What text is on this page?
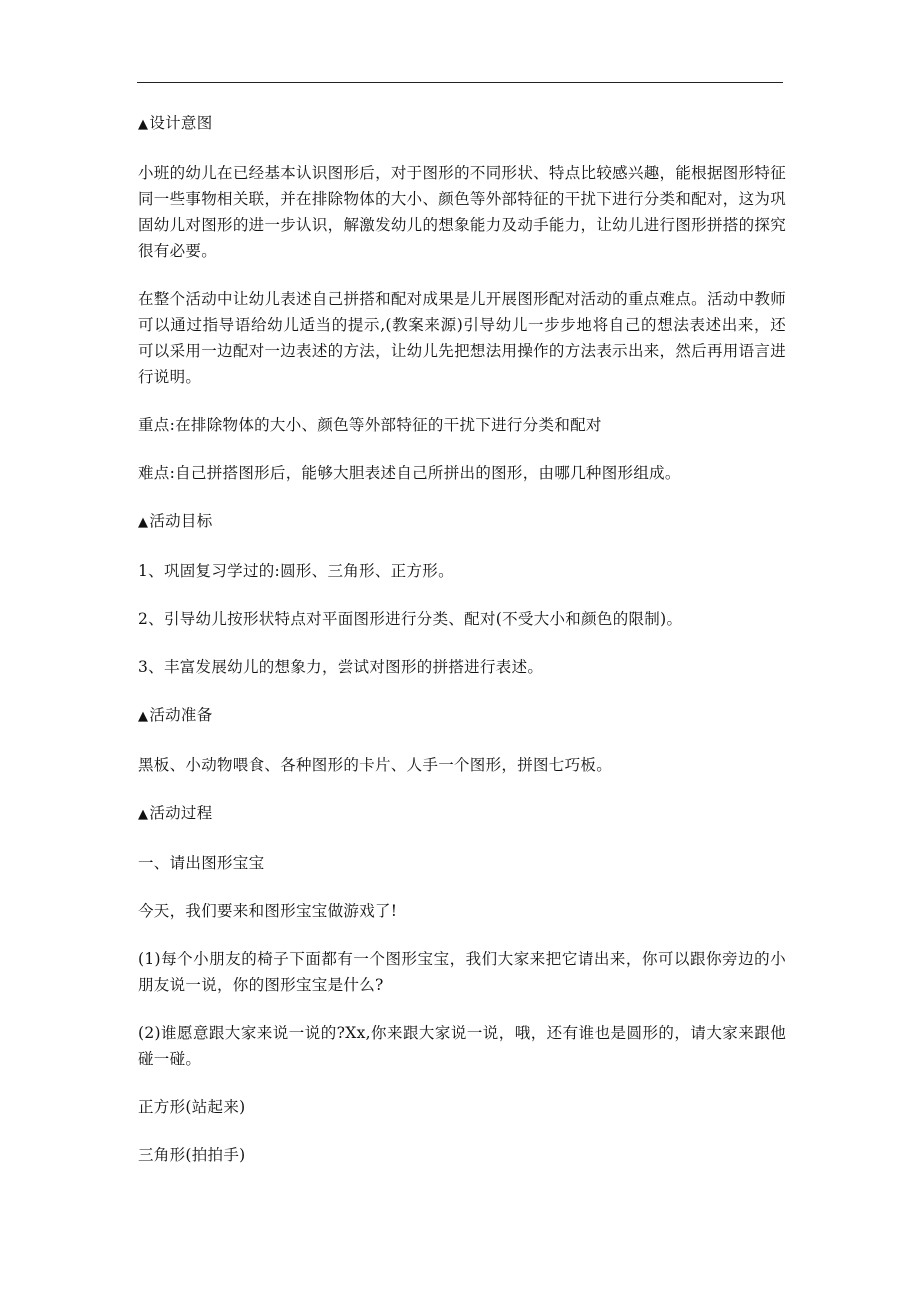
▲设计意图

小班的幼儿在已经基本认识图形后，对于图形的不同形状、特点比较感兴趣，能根据图形特征同一些事物相关联，并在排除物体的大小、颜色等外部特征的干扰下进行分类和配对，这为巩固幼儿对图形的进一步认识，解激发幼儿的想象能力及动手能力，让幼儿进行图形拼搭的探究很有必要。

在整个活动中让幼儿表述自己拼搭和配对成果是儿开展图形配对活动的重点难点。活动中教师可以通过指导语给幼儿适当的提示,(教案来源)引导幼儿一步步地将自己的想法表述出来，还可以采用一边配对一边表述的方法，让幼儿先把想法用操作的方法表示出来，然后再用语言进行说明。

重点:在排除物体的大小、颜色等外部特征的干扰下进行分类和配对

难点:自己拼搭图形后，能够大胆表述自己所拼出的图形，由哪几种图形组成。

▲活动目标

1、巩固复习学过的:圆形、三角形、正方形。

2、引导幼儿按形状特点对平面图形进行分类、配对(不受大小和颜色的限制)。

3、丰富发展幼儿的想象力，尝试对图形的拼搭进行表述。

▲活动准备

黑板、小动物喂食、各种图形的卡片、人手一个图形，拼图七巧板。

▲活动过程

一、请出图形宝宝

今天，我们要来和图形宝宝做游戏了!

(1)每个小朋友的椅子下面都有一个图形宝宝，我们大家来把它请出来，你可以跟你旁边的小朋友说一说，你的图形宝宝是什么?

(2)谁愿意跟大家来说一说的?Xx,你来跟大家说一说，哦，还有谁也是圆形的，请大家来跟他碰一碰。

正方形(站起来)

三角形(拍拍手)
